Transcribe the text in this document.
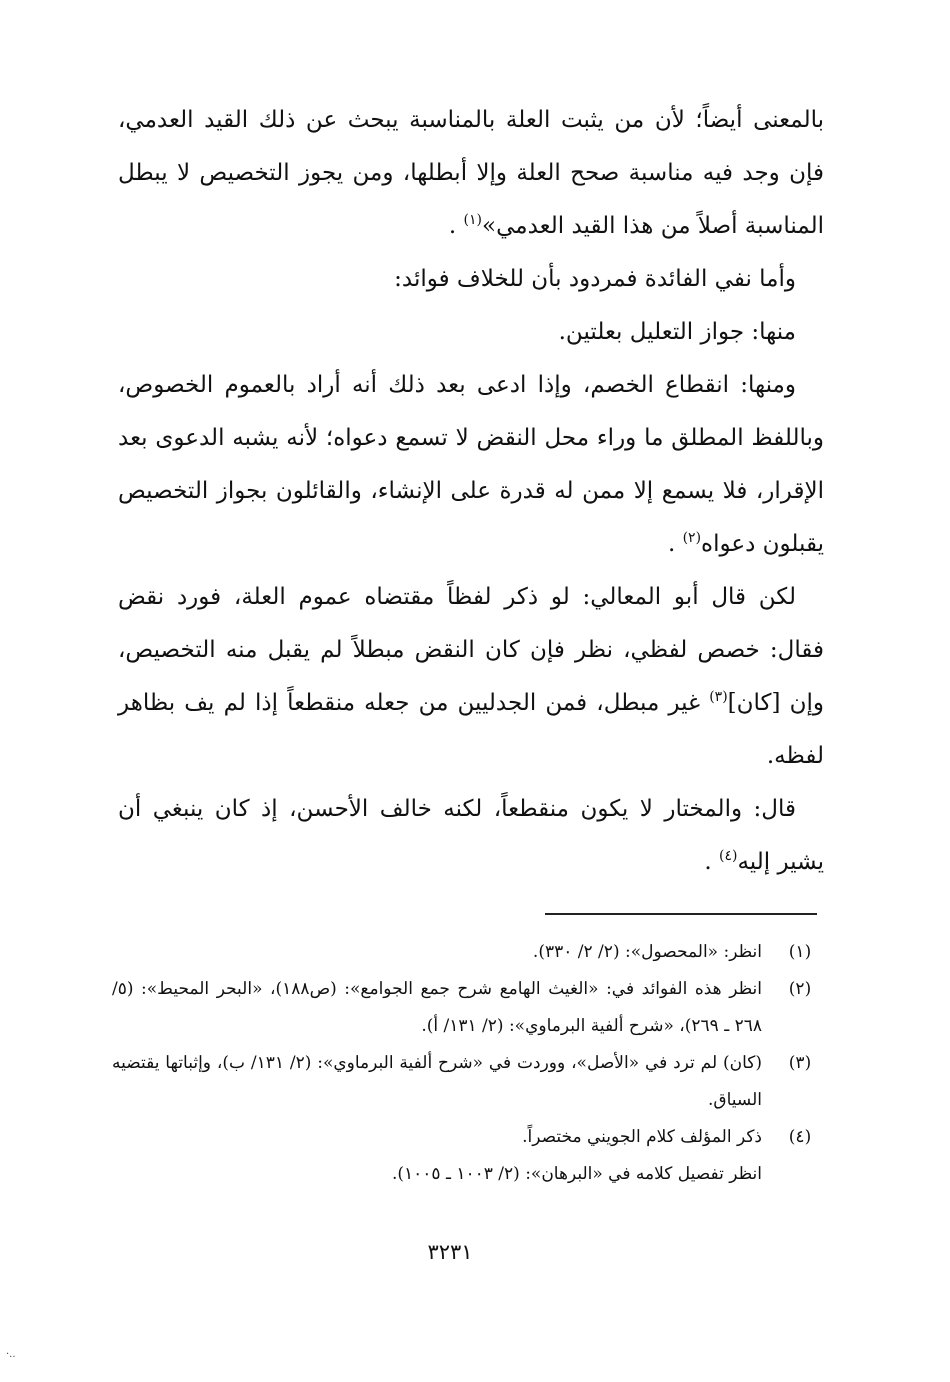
بالمعنى أيضاً؛ لأن من يثبت العلة بالمناسبة يبحث عن ذلك القيد العدمي، فإن وجد فيه مناسبة صحح العلة وإلا أبطلها، ومن يجوز التخصيص لا يبطل المناسبة أصلاً من هذا القيد العدمي»$^{(١)}$ .

وأما نفي الفائدة فمردود بأن للخلاف فوائد:

منها: جواز التعليل بعلتين.

ومنها: انقطاع الخصم، وإذا ادعى بعد ذلك أنه أراد بالعموم الخصوص، وباللفظ المطلق ما وراء محل النقض لا تسمع دعواه؛ لأنه يشبه الدعوى بعد الإقرار، فلا يسمع إلا ممن له قدرة على الإنشاء، والقائلون بجواز التخصيص يقبلون دعواه$^{(٢)}$ .

لكن قال أبو المعالي: لو ذكر لفظاً مقتضاه عموم العلة، فورد نقض فقال: خصص لفظي، نظر فإن كان النقض مبطلاً لم يقبل منه التخصيص، وإن [كان]$^{(٣)}$ غير مبطل، فمن الجدليين من جعله منقطعاً إذا لم يف بظاهر لفظه.

قال: والمختار لا يكون منقطعاً، لكنه خالف الأحسن، إذ كان ينبغي أن يشير إليه$^{(٤)}$ .

(١)
انظر: «المحصول»: (٢/ ٢/ ٣٣٠).
(٢)
انظر هذه الفوائد في: «الغيث الهامع شرح جمع الجوامع»: (ص١٨٨)، «البحر المحيط»: (٥/ ٢٦٨ ـ ٢٦٩)، «شرح ألفية البرماوي»: (٢/ ١٣١/ أ).
(٣)
(كان) لم ترد في «الأصل»، ووردت في «شرح ألفية البرماوي»: (٢/ ١٣١/ ب)، وإثباتها يقتضيه السياق.
(٤)
ذكر المؤلف كلام الجويني مختصراً.
انظر تفصيل كلامه في «البرهان»: (٢/ ١٠٠٣ ـ ١٠٠٥).
٣٢٣١
·..
